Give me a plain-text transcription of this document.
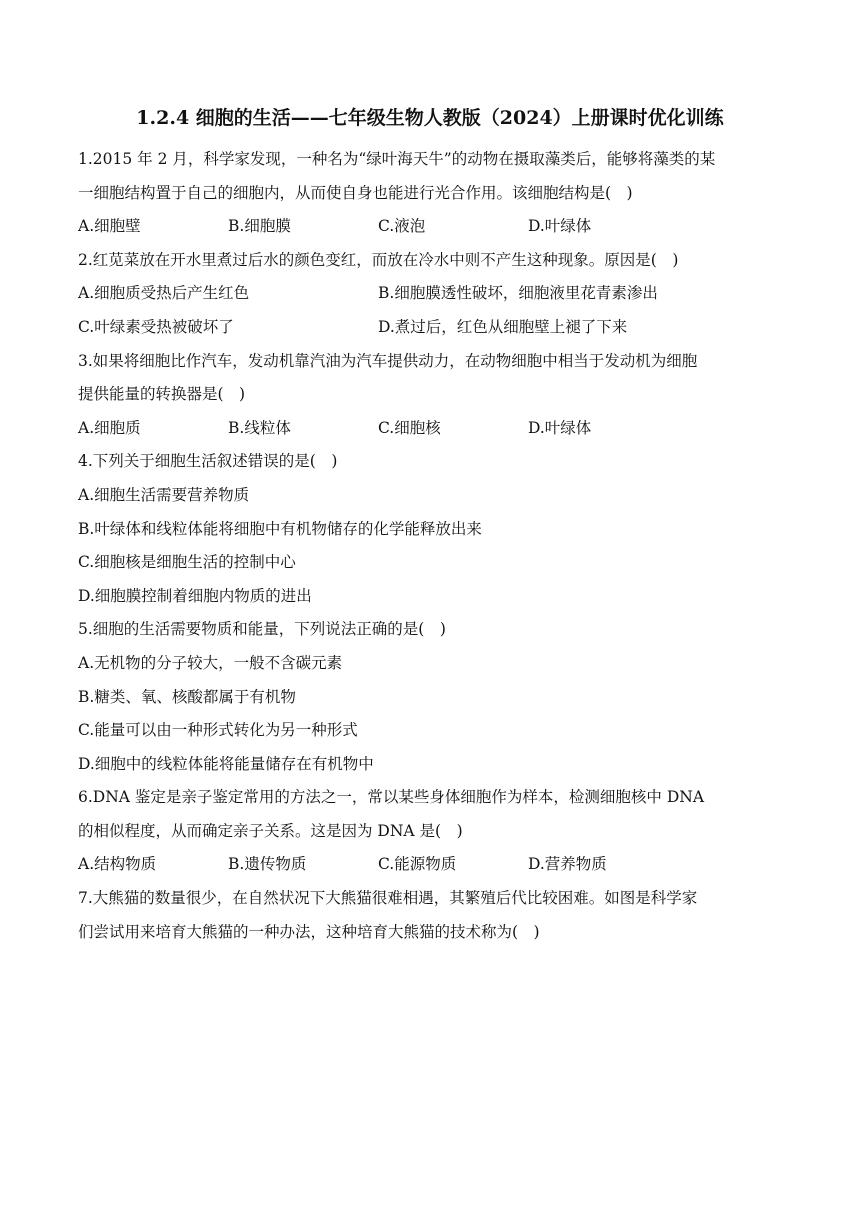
1.2.4 细胞的生活——七年级生物人教版（2024）上册课时优化训练
1.2015 年 2 月，科学家发现，一种名为“绿叶海天牛”的动物在摄取藻类后，能够将藻类的某
一细胞结构置于自己的细胞内，从而使自身也能进行光合作用。该细胞结构是(　)
A.细胞壁	B.细胞膜	C.液泡	D.叶绿体
2.红苋菜放在开水里煮过后水的颜色变红，而放在冷水中则不产生这种现象。原因是(　)
A.细胞质受热后产生红色	B.细胞膜透性破坏，细胞液里花青素渗出
C.叶绿素受热被破坏了	D.煮过后，红色从细胞壁上褪了下来
3.如果将细胞比作汽车，发动机靠汽油为汽车提供动力，在动物细胞中相当于发动机为细胞
提供能量的转换器是(　)
A.细胞质	B.线粒体	C.细胞核	D.叶绿体
4.下列关于细胞生活叙述错误的是(　)
A.细胞生活需要营养物质
B.叶绿体和线粒体能将细胞中有机物储存的化学能释放出来
C.细胞核是细胞生活的控制中心
D.细胞膜控制着细胞内物质的进出
5.细胞的生活需要物质和能量，下列说法正确的是(　)
A.无机物的分子较大，一般不含碳元素
B.糖类、氧、核酸都属于有机物
C.能量可以由一种形式转化为另一种形式
D.细胞中的线粒体能将能量储存在有机物中
6.DNA 鉴定是亲子鉴定常用的方法之一，常以某些身体细胞作为样本，检测细胞核中 DNA
的相似程度，从而确定亲子关系。这是因为 DNA 是(　)
A.结构物质	B.遗传物质	C.能源物质	D.营养物质
7.大熊猫的数量很少，在自然状况下大熊猫很难相遇，其繁殖后代比较困难。如图是科学家
们尝试用来培育大熊猫的一种办法，这种培育大熊猫的技术称为(　)
